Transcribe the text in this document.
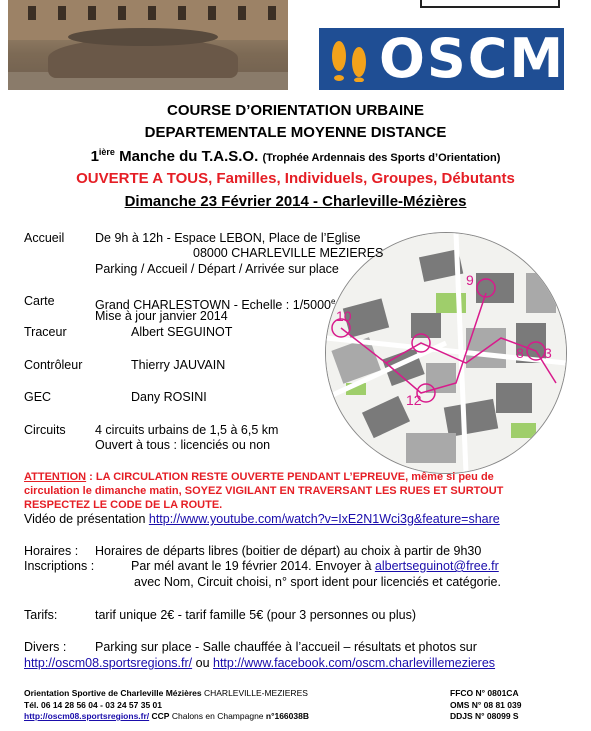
OSCM
COURSE D’ORIENTATION URBAINE
DEPARTEMENTALE MOYENNE DISTANCE
$1^{ière}$ Manche du T.A.S.O. (Trophée Ardennais des Sports d’Orientation)
OUVERTE A TOUS, Familles, Individuels, Groupes, Débutants
Dimanche 23 Février 2014 - Charleville-Mézières
9
8 3
12
10
Accueil De 9h à 12h - Espace LEBON, Place de l’Eglise
08000 CHARLEVILLE MEZIERES
Parking / Accueil / Départ / Arrivée sur place
Carte	Grand CHARLESTOWN - Echelle : 1/5000e
Mise à jour janvier 2014
Traceur	Albert SEGUINOT
Contrôleur	Thierry JAUVAIN
GEC	Dany ROSINI
Circuits 4 circuits urbains de 1,5 à 6,5 km
Ouvert à tous : licenciés ou non
ATTENTION : LA CIRCULATION RESTE OUVERTE PENDANT L’EPREUVE, même si peu de
circulation le dimanche matin, SOYEZ VIGILANT EN TRAVERSANT LES RUES ET SURTOUT
RESPECTEZ LE CODE DE LA ROUTE.
Vidéo de présentation http://www.youtube.com/watch?v=IxE2N1Wci3g&feature=share
Horaires : Horaires de départs libres (boitier de départ) au choix à partir de 9h30
Inscriptions :	Par mél avant le 19 février 2014. Envoyer à albertseguinot@free.fr
avec Nom, Circuit choisi, n° sport ident pour licenciés et catégorie.
Tarifs:	tarif unique 2€ - tarif famille 5€ (pour 3 personnes ou plus)
Divers : Parking sur place - Salle chauffée à l’accueil – résultats et photos sur
http://oscm08.sportsregions.fr/ ou http://www.facebook.com/oscm.charlevillemezieres
Orientation Sportive de Charleville Mézières CHARLEVILLE-MEZIERES
Tél. 06 14 28 56 04 - 03 24 57 35 01
http://oscm08.sportsregions.fr/ CCP Chalons en Champagne n°166038B
FFCO N° 0801CA
OMS N° 08 81 039
DDJS N° 08099 S
